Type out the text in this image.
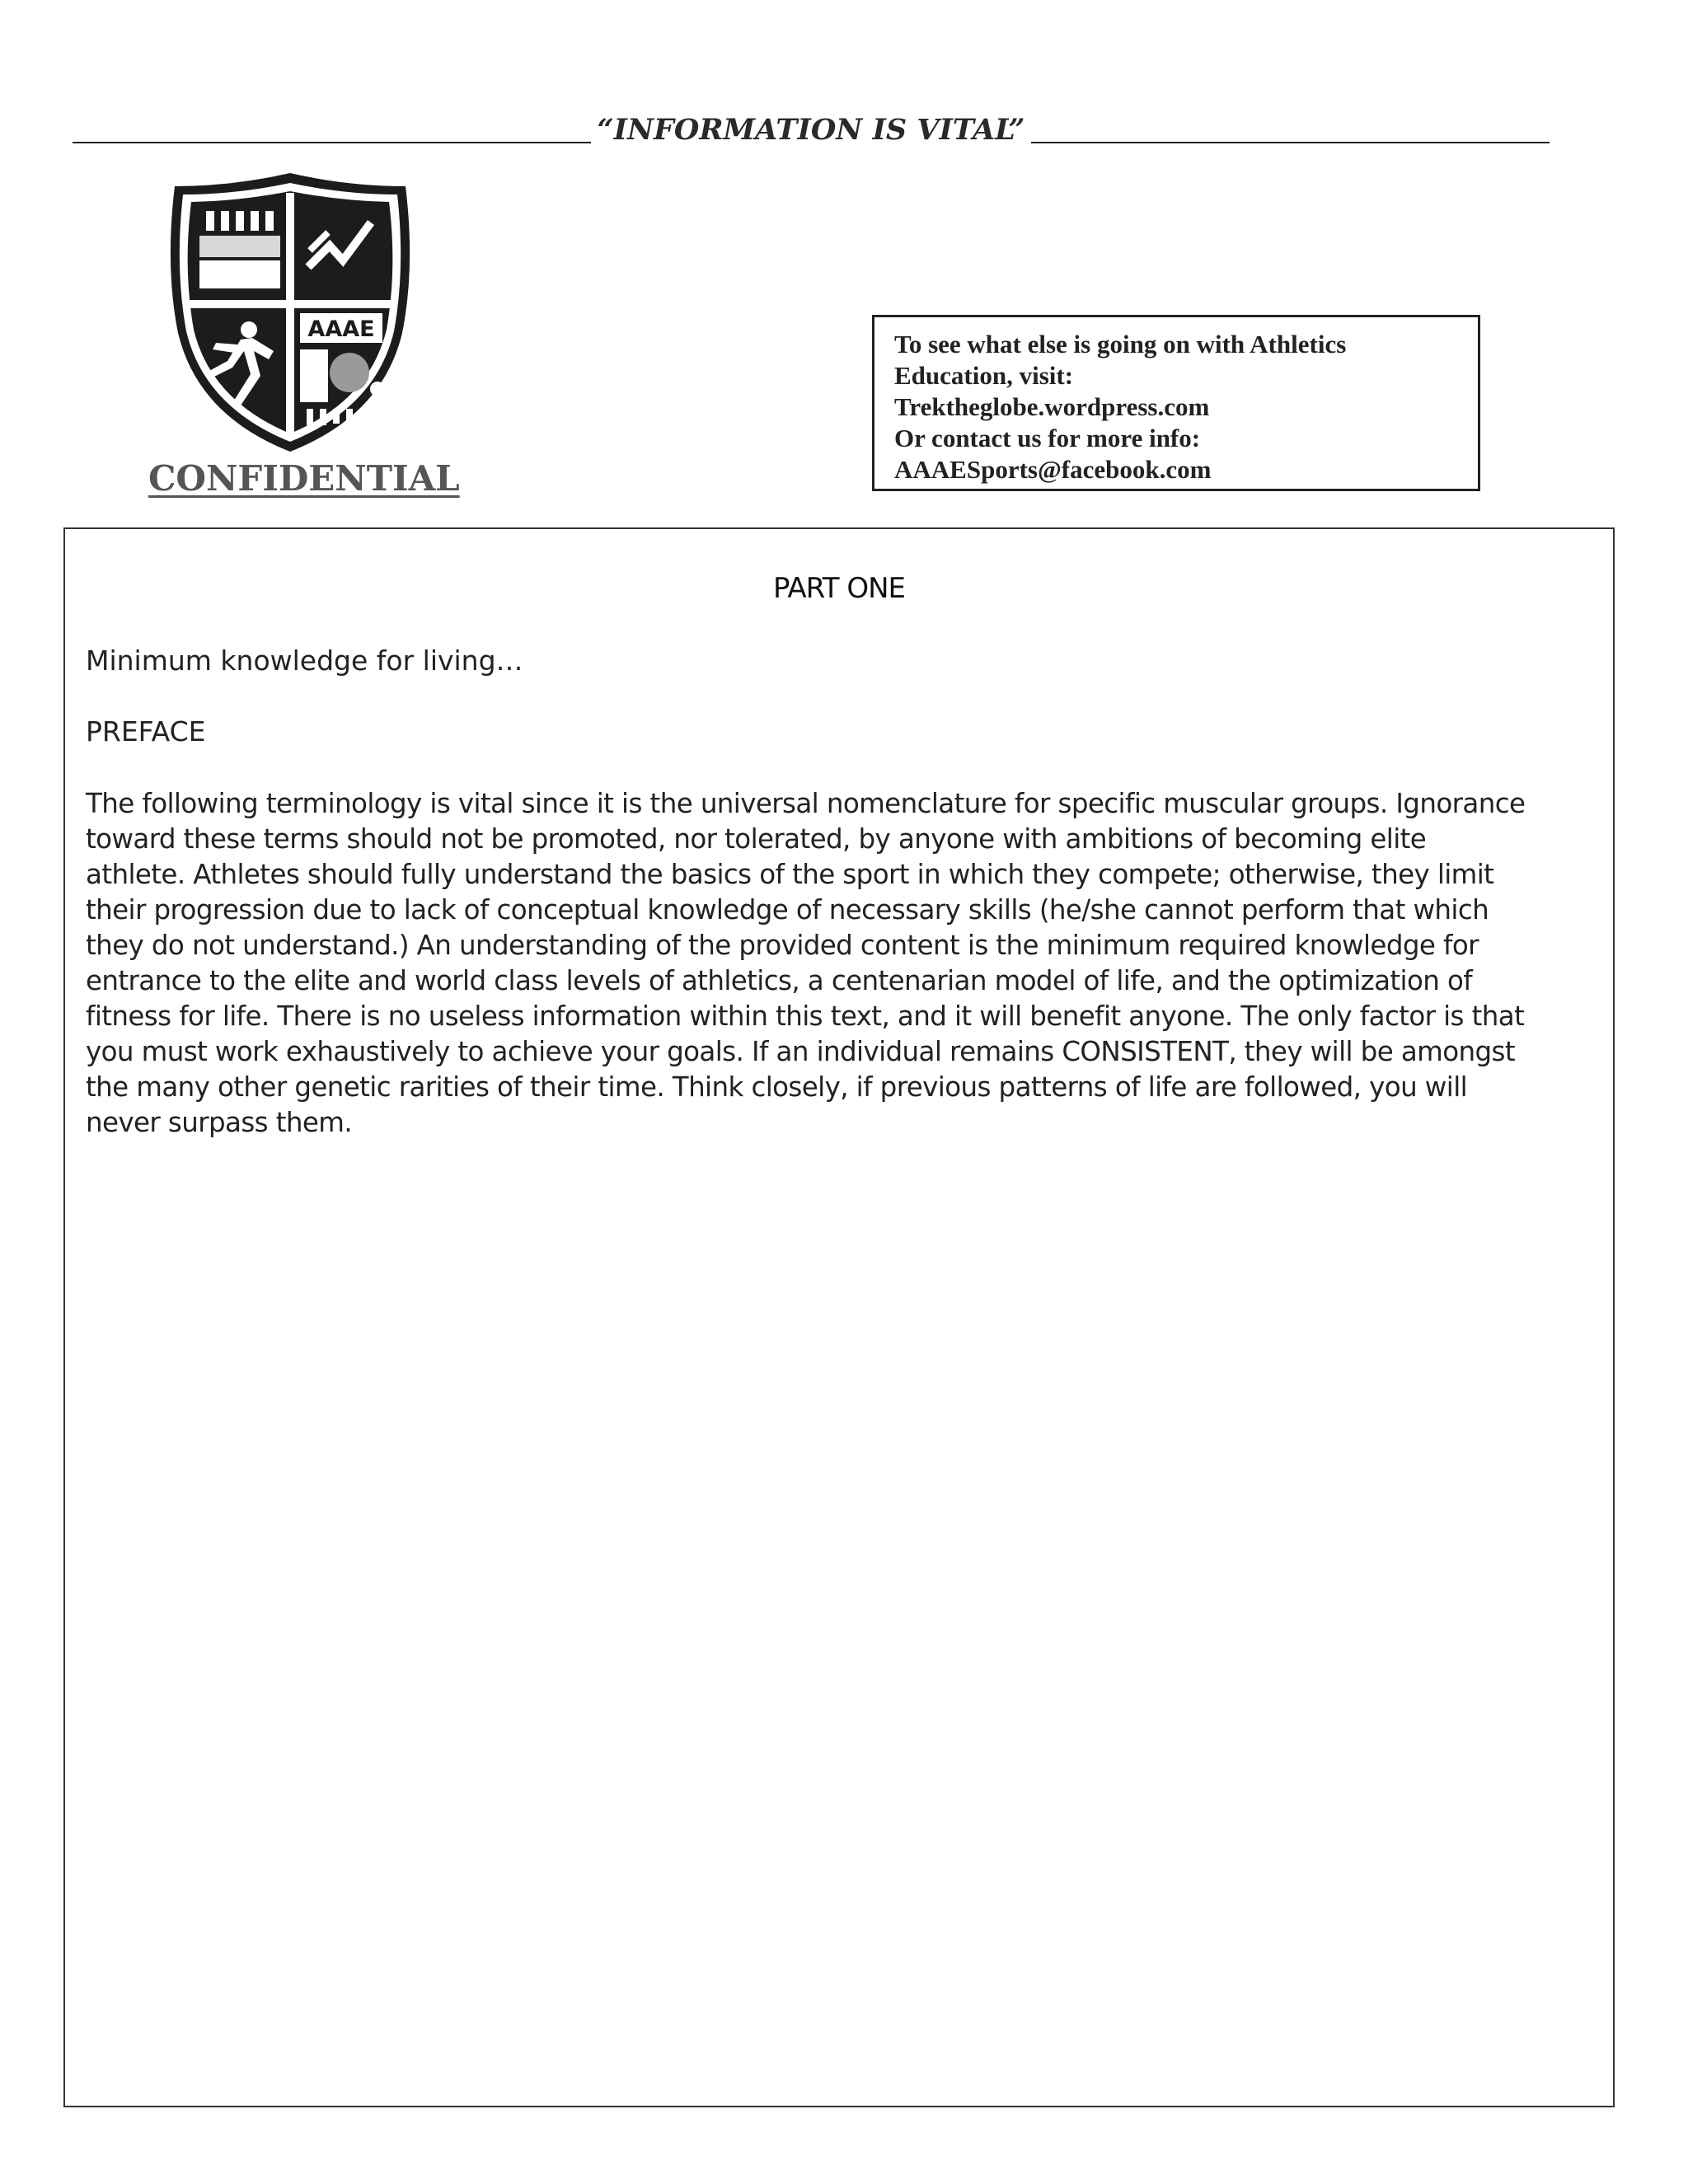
“INFORMATION IS VITAL”
AAAE
CONFIDENTIAL
To see what else is going on with Athletics
Education, visit:
Trektheglobe.wordpress.com
Or contact us for more info:
AAAESports@facebook.com
PART ONE
Minimum knowledge for living…
PREFACE
The following terminology is vital since it is the universal nomenclature for specific muscular groups. Ignorance
toward these terms should not be promoted, nor tolerated, by anyone with ambitions of becoming elite
athlete. Athletes should fully understand the basics of the sport in which they compete; otherwise, they limit
their progression due to lack of conceptual knowledge of necessary skills (he/she cannot perform that which
they do not understand.) An understanding of the provided content is the minimum required knowledge for
entrance to the elite and world class levels of athletics, a centenarian model of life, and the optimization of
fitness for life. There is no useless information within this text, and it will benefit anyone. The only factor is that
you must work exhaustively to achieve your goals. If an individual remains CONSISTENT, they will be amongst
the many other genetic rarities of their time. Think closely, if previous patterns of life are followed, you will
never surpass them.
